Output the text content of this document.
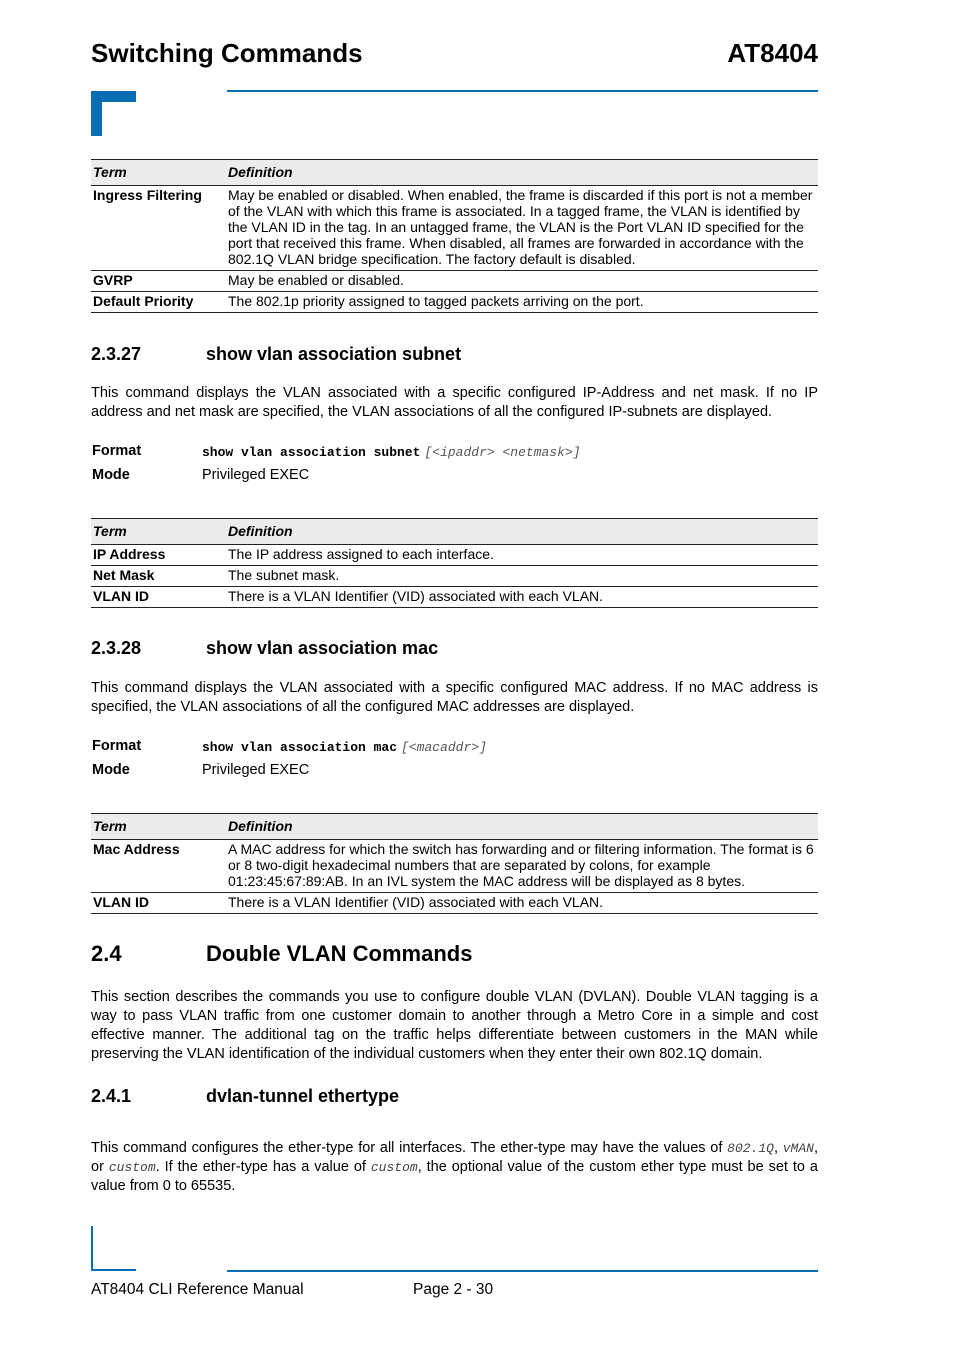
Switching Commands	AT8404
Term	Definition
Ingress Filtering	May be enabled or disabled. When enabled, the frame is discarded if this port is not a member of the VLAN with which this frame is associated. In a tagged frame, the VLAN is identified by the VLAN ID in the tag. In an untagged frame, the VLAN is the Port VLAN ID specified for the port that received this frame. When disabled, all frames are forwarded in accordance with the 802.1Q VLAN bridge specification. The factory default is disabled.
GVRP	May be enabled or disabled.
Default Priority	The 802.1p priority assigned to tagged packets arriving on the port.
2.3.27	show vlan association subnet
This command displays the VLAN associated with a specific configured IP-Address and net mask. If no IP address and net mask are specified, the VLAN associations of all the configured IP-subnets are displayed.
Format	show vlan association subnet [<ipaddr> <netmask>]
Mode	Privileged EXEC
Term	Definition
IP Address	The IP address assigned to each interface.
Net Mask	The subnet mask.
VLAN ID	There is a VLAN Identifier (VID) associated with each VLAN.
2.3.28	show vlan association mac
This command displays the VLAN associated with a specific configured MAC address. If no MAC address is specified, the VLAN associations of all the configured MAC addresses are displayed.
Format	show vlan association mac [<macaddr>]
Mode	Privileged EXEC
Term	Definition
Mac Address	A MAC address for which the switch has forwarding and or filtering information. The format is 6 or 8 two-digit hexadecimal numbers that are separated by colons, for example 01:23:45:67:89:AB. In an IVL system the MAC address will be displayed as 8 bytes.
VLAN ID	There is a VLAN Identifier (VID) associated with each VLAN.
2.4	Double VLAN Commands
This section describes the commands you use to configure double VLAN (DVLAN). Double VLAN tagging is a way to pass VLAN traffic from one customer domain to another through a Metro Core in a simple and cost effective manner. The additional tag on the traffic helps differentiate between customers in the MAN while preserving the VLAN identification of the individual customers when they enter their own 802.1Q domain.
2.4.1	dvlan-tunnel ethertype
This command configures the ether-type for all interfaces. The ether-type may have the values of 802.1Q, vMAN, or custom. If the ether-type has a value of custom, the optional value of the custom ether type must be set to a value from 0 to 65535.
AT8404 CLI Reference Manual	Page 2 - 30
